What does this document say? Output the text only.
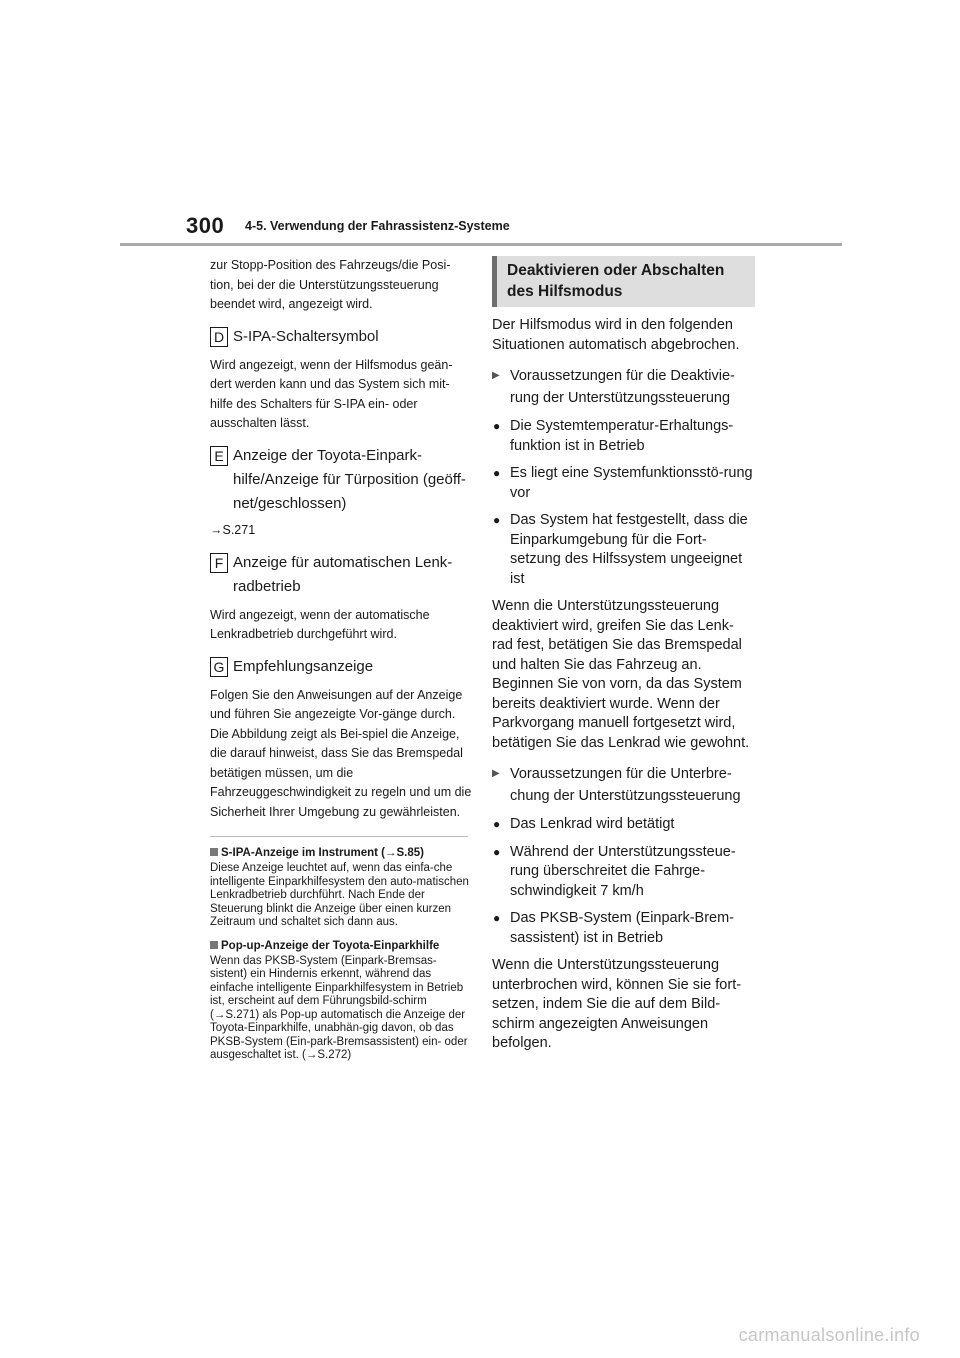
300 4-5. Verwendung der Fahrassistenz-Systeme

zur Stopp-Position des Fahrzeugs/die Posi-tion, bei der die Unterstützungssteuerung beendet wird, angezeigt wird.

D S-IPA-Schaltersymbol

Wird angezeigt, wenn der Hilfsmodus geän-dert werden kann und das System sich mit-hilfe des Schalters für S-IPA ein- oder ausschalten lässt.

E Anzeige der Toyota-Einpark-hilfe/Anzeige für Türposition (geöff-net/geschlossen)

→S.271

F Anzeige für automatischen Lenk-radbetrieb

Wird angezeigt, wenn der automatische Lenkradbetrieb durchgeführt wird.

G Empfehlungsanzeige

Folgen Sie den Anweisungen auf der Anzeige und führen Sie angezeigte Vor-gänge durch. Die Abbildung zeigt als Bei-spiel die Anzeige, die darauf hinweist, dass Sie das Bremspedal betätigen müssen, um die Fahrzeuggeschwindigkeit zu regeln und um die Sicherheit Ihrer Umgebung zu gewährleisten.

S-IPA-Anzeige im Instrument (→S.85)

Diese Anzeige leuchtet auf, wenn das einfa-che intelligente Einparkhilfesystem den auto-matischen Lenkradbetrieb durchführt. Nach Ende der Steuerung blinkt die Anzeige über einen kurzen Zeitraum und schaltet sich dann aus.

Pop-up-Anzeige der Toyota-Einparkhilfe

Wenn das PKSB-System (Einpark-Bremsas-sistent) ein Hindernis erkennt, während das einfache intelligente Einparkhilfesystem in Betrieb ist, erscheint auf dem Führungsbild-schirm (→S.271) als Pop-up automatisch die Anzeige der Toyota-Einparkhilfe, unabhän-gig davon, ob das PKSB-System (Ein-park-Bremsassistent) ein- oder ausgeschaltet ist. (→S.272)

Deaktivieren oder Abschalten des Hilfsmodus

Der Hilfsmodus wird in den folgenden Situationen automatisch abgebrochen.

▶ Voraussetzungen für die Deaktivie-rung der Unterstützungssteuerung
● Die Systemtemperatur-Erhaltungs-funktion ist in Betrieb
● Es liegt eine Systemfunktionsstö-rung vor
● Das System hat festgestellt, dass die Einparkumgebung für die Fort-setzung des Hilfssystem ungeeignet ist

Wenn die Unterstützungssteuerung deaktiviert wird, greifen Sie das Lenk-rad fest, betätigen Sie das Bremspedal und halten Sie das Fahrzeug an. Beginnen Sie von vorn, da das System bereits deaktiviert wurde. Wenn der Parkvorgang manuell fortgesetzt wird, betätigen Sie das Lenkrad wie gewohnt.

▶ Voraussetzungen für die Unterbre-chung der Unterstützungssteuerung
● Das Lenkrad wird betätigt
● Während der Unterstützungssteue-rung überschreitet die Fahrge-schwindigkeit 7 km/h
● Das PKSB-System (Einpark-Brem-sassistent) ist in Betrieb

Wenn die Unterstützungssteuerung unterbrochen wird, können Sie sie fort-setzen, indem Sie die auf dem Bild-schirm angezeigten Anweisungen befolgen.

carmanualsonline.info
